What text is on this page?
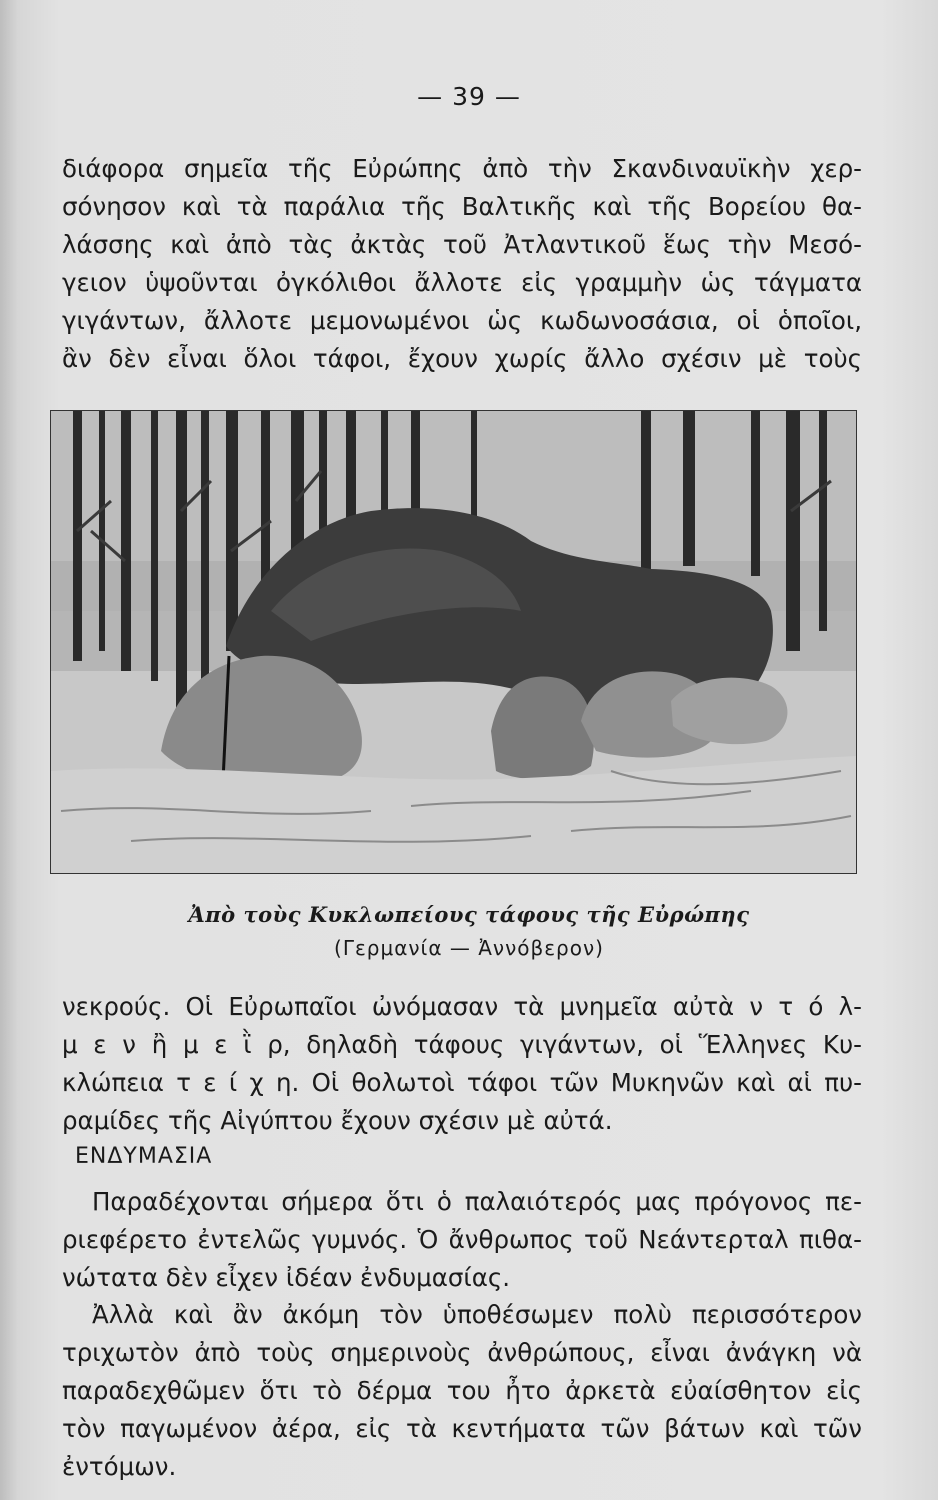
— 39 —
διάφορα σημεῖα τῆς Εὐρώπης ἀπὸ τὴν Σκανδιναυϊκὴν χερ-
σόνησον καὶ τὰ παράλια τῆς Βαλτικῆς καὶ τῆς Βορείου θα-
λάσσης καὶ ἀπὸ τὰς ἀκτὰς τοῦ Ἀτλαντικοῦ ἕως τὴν Μεσό-
γειον ὑψοῦνται ὀγκόλιθοι ἄλλοτε εἰς γραμμὴν ὡς τάγματα
γιγάντων, ἄλλοτε μεμονωμένοι ὡς κωδωνοσάσια, οἱ ὁποῖοι,
ἂν δὲν εἶναι ὅλοι τάφοι, ἔχουν χωρίς ἄλλο σχέσιν μὲ τοὺς
Ἀπὸ τοὺς Κυκλωπείους τάφους τῆς Εὐρώπης
(Γερμανία — Ἀννόβερον)
νεκρούς. Οἱ Εὐρωπαῖοι ὠνόμασαν τὰ μνημεῖα αὐτὰ ν τ ό λ-
μ ε ν ἢ μ ε ῒ ρ, δηλαδὴ τάφους γιγάντων, οἱ Ἕλληνες Κυ-
κλώπεια τ ε ί χ η. Οἱ θολωτοὶ τάφοι τῶν Μυκηνῶν καὶ αἱ πυ-
ραμίδες τῆς Αἰγύπτου ἔχουν σχέσιν μὲ αὐτά.
ΕΝΔΥΜΑΣΙΑ
Παραδέχονται σήμερα ὅτι ὁ παλαιότερός μας πρόγονος πε-
ριεφέρετο ἐντελῶς γυμνός. Ὁ ἄνθρωπος τοῦ Νεάντερταλ πιθα-
νώτατα δὲν εἶχεν ἰδέαν ἐνδυμασίας.
Ἀλλὰ καὶ ἂν ἀκόμη τὸν ὑποθέσωμεν πολὺ περισσότερον
τριχωτὸν ἀπὸ τοὺς σημερινοὺς ἀνθρώπους, εἶναι ἀνάγκη νὰ
παραδεχθῶμεν ὅτι τὸ δέρμα του ἦτο ἀρκετὰ εὐαίσθητον εἰς
τὸν παγωμένον ἀέρα, εἰς τὰ κεντήματα τῶν βάτων καὶ τῶν
ἐντόμων.
